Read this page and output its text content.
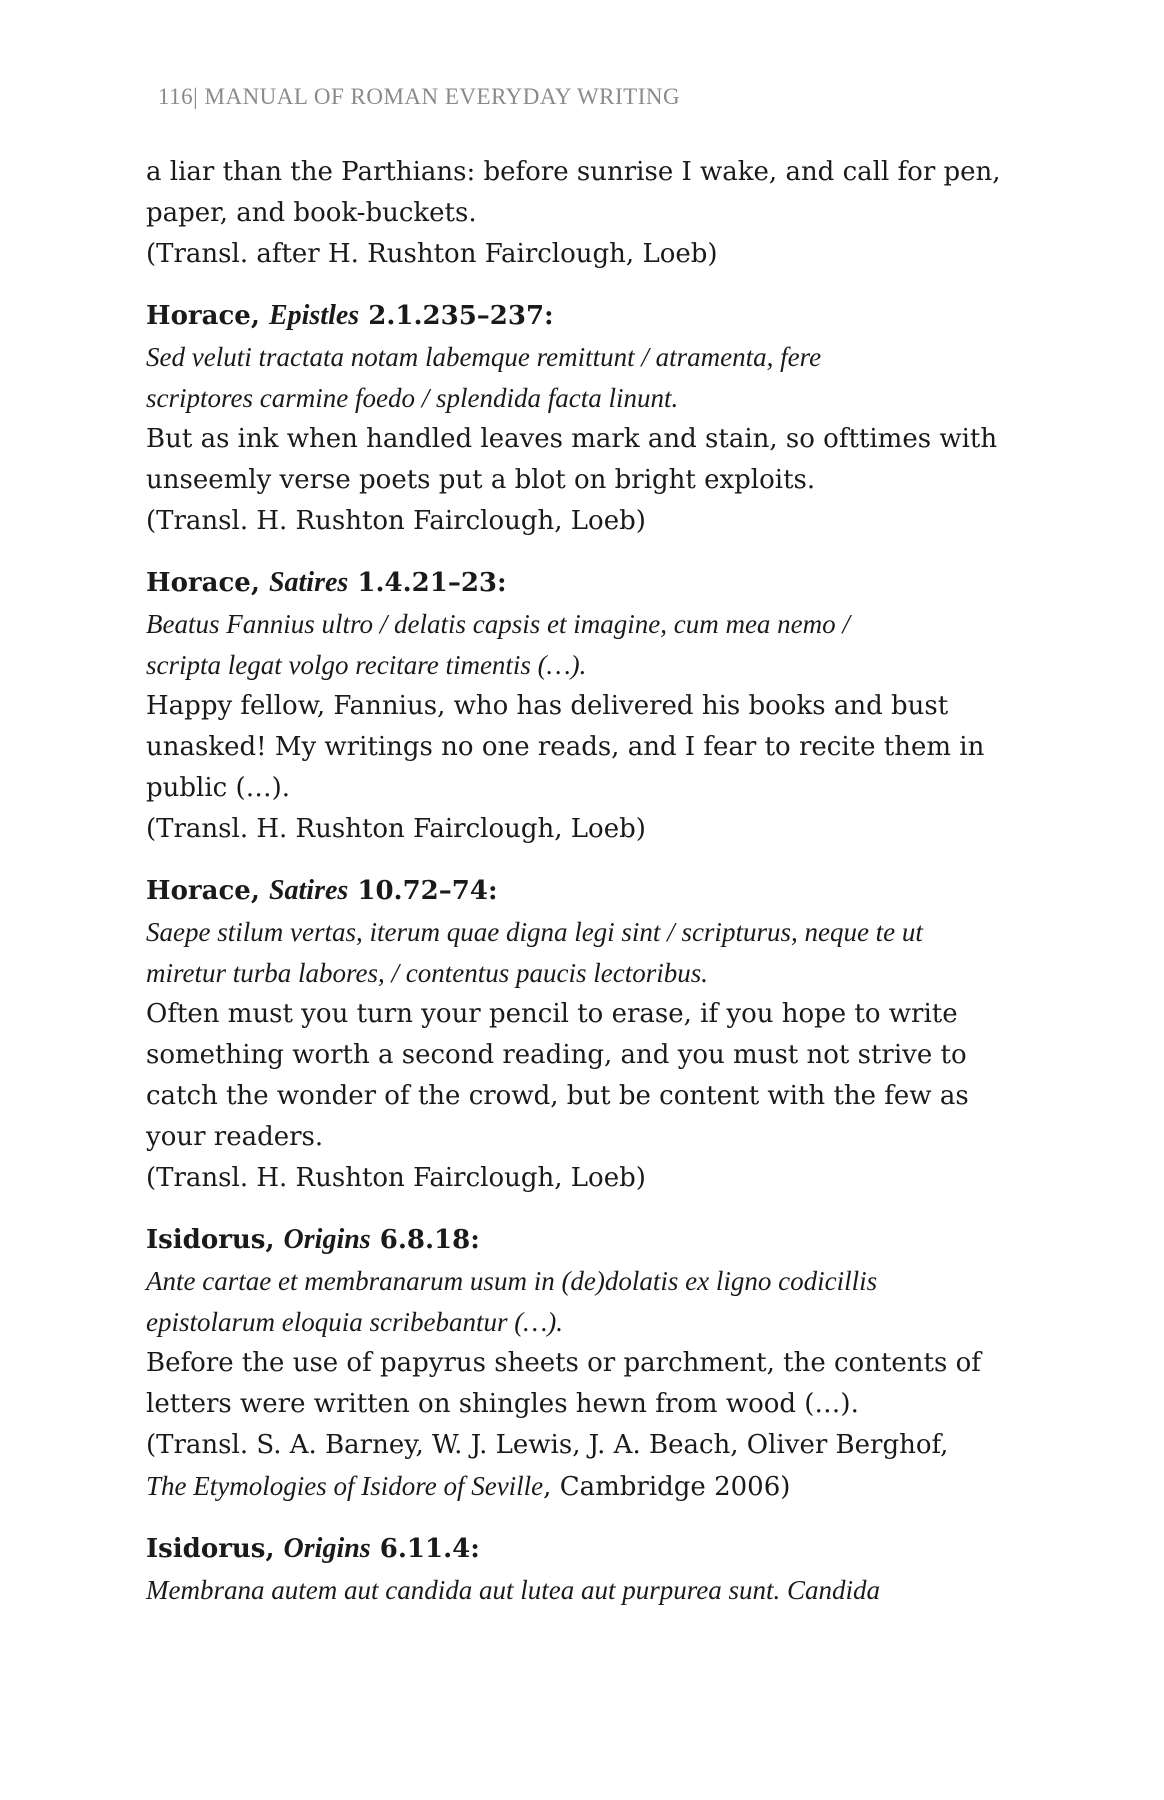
116| MANUAL OF ROMAN EVERYDAY WRITING
a liar than the Parthians: before sunrise I wake, and call for pen,
paper, and book-buckets.
(Transl. after H. Rushton Fairclough, Loeb)
Horace, Epistles 2.1.235–237:
Sed veluti tractata notam labemque remittunt / atramenta, fere
scriptores carmine foedo / splendida facta linunt.
But as ink when handled leaves mark and stain, so ofttimes with
unseemly verse poets put a blot on bright exploits.
(Transl. H. Rushton Fairclough, Loeb)
Horace, Satires 1.4.21–23:
Beatus Fannius ultro / delatis capsis et imagine, cum mea nemo /
scripta legat volgo recitare timentis (…).
Happy fellow, Fannius, who has delivered his books and bust
unasked! My writings no one reads, and I fear to recite them in
public (…).
(Transl. H. Rushton Fairclough, Loeb)
Horace, Satires 10.72–74:
Saepe stilum vertas, iterum quae digna legi sint / scripturus, neque te ut
miretur turba labores, / contentus paucis lectoribus.
Often must you turn your pencil to erase, if you hope to write
something worth a second reading, and you must not strive to
catch the wonder of the crowd, but be content with the few as
your readers.
(Transl. H. Rushton Fairclough, Loeb)
Isidorus, Origins 6.8.18:
Ante cartae et membranarum usum in (de)dolatis ex ligno codicillis
epistolarum eloquia scribebantur (…).
Before the use of papyrus sheets or parchment, the contents of
letters were written on shingles hewn from wood (…).
(Transl. S. A. Barney, W. J. Lewis, J. A. Beach, Oliver Berghof,
The Etymologies of Isidore of Seville, Cambridge 2006)
Isidorus, Origins 6.11.4:
Membrana autem aut candida aut lutea aut purpurea sunt. Candida
